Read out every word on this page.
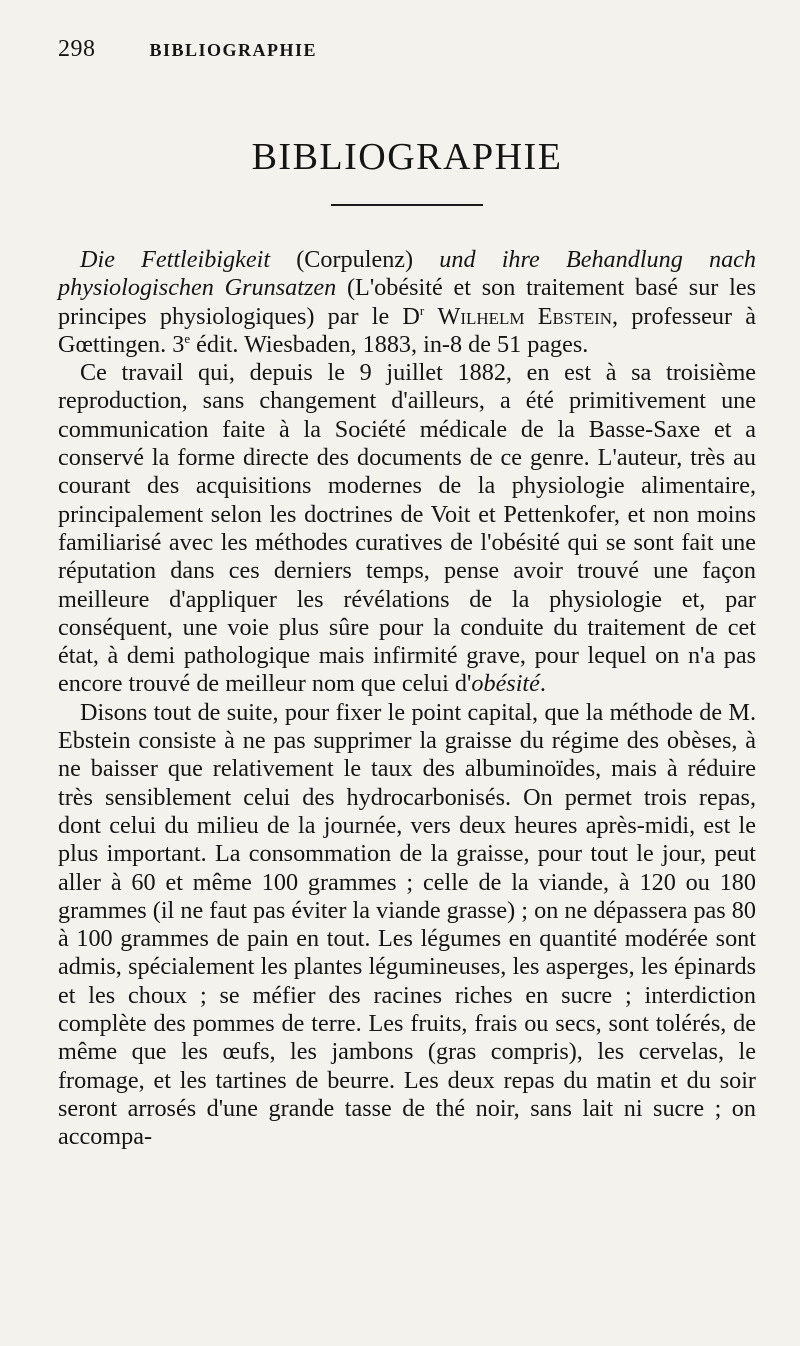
298	BIBLIOGRAPHIE
BIBLIOGRAPHIE

Die Fettleibigkeit (Corpulenz) und ihre Behandlung nach physiologischen Grunsatzen (L'obésité et son traitement basé sur les principes physiologiques) par le $D^r$ Wilhelm Ebstein, professeur à Gœttingen. 3e édit. Wiesbaden, 1883, in-8 de 51 pages.

Ce travail qui, depuis le 9 juillet 1882, en est à sa troisième reproduction, sans changement d'ailleurs, a été primitivement une communication faite à la Société médicale de la Basse-Saxe et a conservé la forme directe des documents de ce genre. L'auteur, très au courant des acquisitions modernes de la physiologie alimentaire, principalement selon les doctrines de Voit et Pettenkofer, et non moins familiarisé avec les méthodes curatives de l'obésité qui se sont fait une réputation dans ces derniers temps, pense avoir trouvé une façon meilleure d'appliquer les révélations de la physiologie et, par conséquent, une voie plus sûre pour la conduite du traitement de cet état, à demi pathologique mais infirmité grave, pour lequel on n'a pas encore trouvé de meilleur nom que celui d'obésité.

Disons tout de suite, pour fixer le point capital, que la méthode de M. Ebstein consiste à ne pas supprimer la graisse du régime des obèses, à ne baisser que relativement le taux des albuminoïdes, mais à réduire très sensiblement celui des hydrocarbonisés. On permet trois repas, dont celui du milieu de la journée, vers deux heures après-midi, est le plus important. La consommation de la graisse, pour tout le jour, peut aller à 60 et même 100 grammes ; celle de la viande, à 120 ou 180 grammes (il ne faut pas éviter la viande grasse) ; on ne dépassera pas 80 à 100 grammes de pain en tout. Les légumes en quantité modérée sont admis, spécialement les plantes légumineuses, les asperges, les épinards et les choux ; se méfier des racines riches en sucre ; interdiction complète des pommes de terre. Les fruits, frais ou secs, sont tolérés, de même que les œufs, les jambons (gras compris), les cervelas, le fromage, et les tartines de beurre. Les deux repas du matin et du soir seront arrosés d'une grande tasse de thé noir, sans lait ni sucre ; on accompa-
